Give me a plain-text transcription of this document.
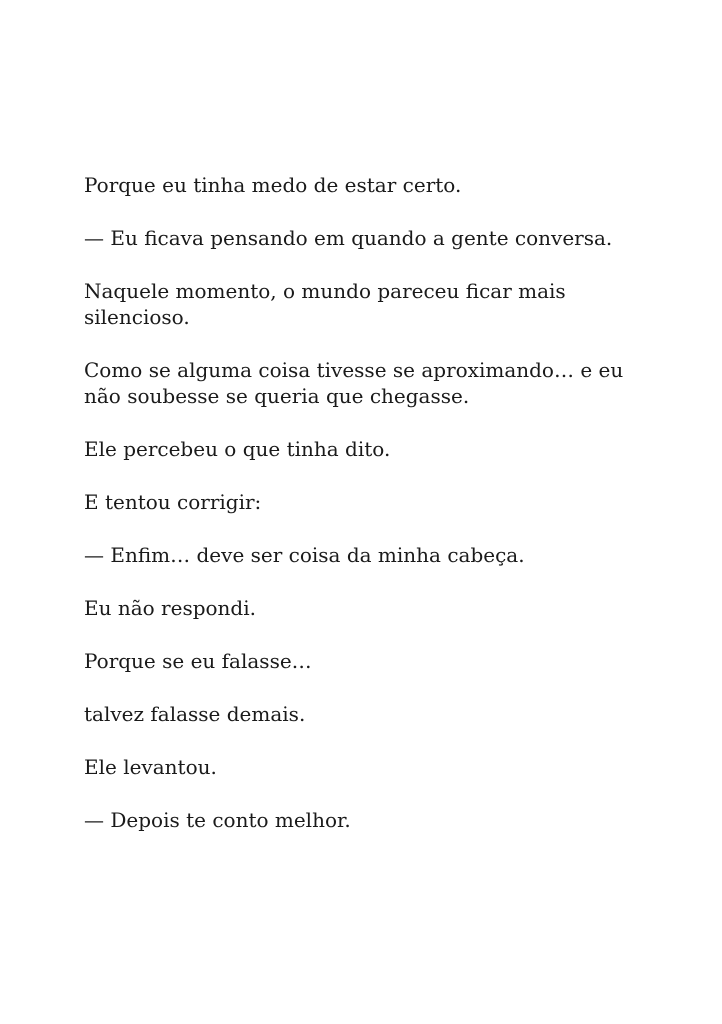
Porque eu tinha medo de estar certo.

— Eu ficava pensando em quando a gente conversa.

Naquele momento, o mundo pareceu ficar mais silencioso.

Como se alguma coisa tivesse se aproximando… e eu não soubesse se queria que chegasse.

Ele percebeu o que tinha dito.

E tentou corrigir:

— Enfim… deve ser coisa da minha cabeça.

Eu não respondi.

Porque se eu falasse…

talvez falasse demais.

Ele levantou.

— Depois te conto melhor.
